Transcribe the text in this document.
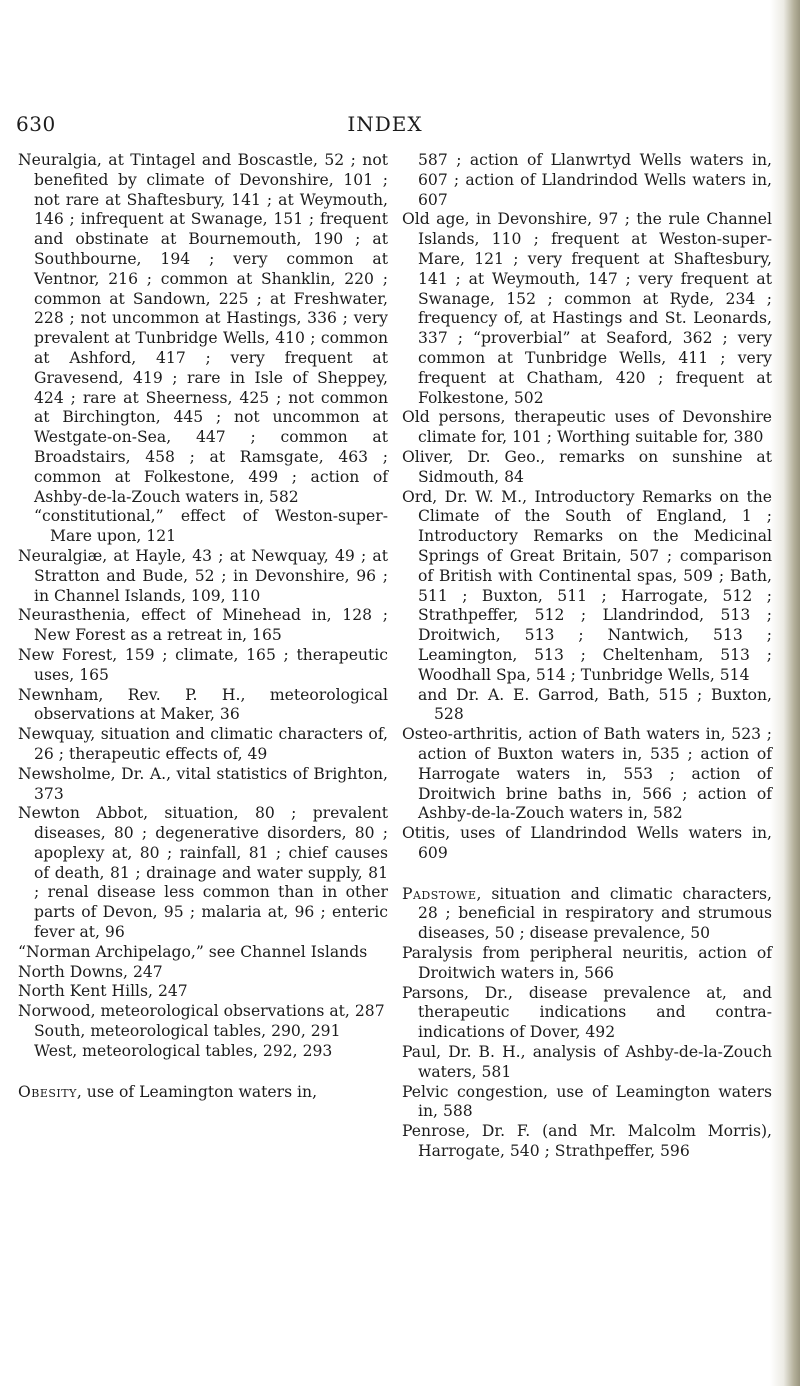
630	INDEX

Neuralgia, at Tintagel and Boscastle, 52 ; not benefited by climate of Devonshire, 101 ; not rare at Shaftesbury, 141 ; at Weymouth, 146 ; infrequent at Swanage, 151 ; frequent and obstinate at Bournemouth, 190 ; at Southbourne, 194 ; very common at Ventnor, 216 ; common at Shanklin, 220 ; common at Sandown, 225 ; at Freshwater, 228 ; not uncommon at Hastings, 336 ; very prevalent at Tunbridge Wells, 410 ; common at Ashford, 417 ; very frequent at Gravesend, 419 ; rare in Isle of Sheppey, 424 ; rare at Sheerness, 425 ; not common at Birchington, 445 ; not uncommon at Westgate-on-Sea, 447 ; common at Broadstairs, 458 ; at Ramsgate, 463 ; common at Folkestone, 499 ; action of Ashby-de-la-Zouch waters in, 582

“constitutional,” effect of Weston-super-Mare upon, 121

Neuralgiæ, at Hayle, 43 ; at Newquay, 49 ; at Stratton and Bude, 52 ; in Devonshire, 96 ; in Channel Islands, 109, 110

Neurasthenia, effect of Minehead in, 128 ; New Forest as a retreat in, 165

New Forest, 159 ; climate, 165 ; therapeutic uses, 165

Newnham, Rev. P. H., meteorological observations at Maker, 36

Newquay, situation and climatic characters of, 26 ; therapeutic effects of, 49

Newsholme, Dr. A., vital statistics of Brighton, 373

Newton Abbot, situation, 80 ; prevalent diseases, 80 ; degenerative disorders, 80 ; apoplexy at, 80 ; rainfall, 81 ; chief causes of death, 81 ; drainage and water supply, 81 ; renal disease less common than in other parts of Devon, 95 ; malaria at, 96 ; enteric fever at, 96

“Norman Archipelago,” see Channel Islands

North Downs, 247

North Kent Hills, 247

Norwood, meteorological observations at, 287

South, meteorological tables, 290, 291

West, meteorological tables, 292, 293

Obesity, use of Leamington waters in,

587 ; action of Llanwrtyd Wells waters in, 607 ; action of Llandrindod Wells waters in, 607

Old age, in Devonshire, 97 ; the rule Channel Islands, 110 ; frequent at Weston-super-Mare, 121 ; very frequent at Shaftesbury, 141 ; at Weymouth, 147 ; very frequent at Swanage, 152 ; common at Ryde, 234 ; frequency of, at Hastings and St. Leonards, 337 ; “proverbial” at Seaford, 362 ; very common at Tunbridge Wells, 411 ; very frequent at Chatham, 420 ; frequent at Folkestone, 502

Old persons, therapeutic uses of Devonshire climate for, 101 ; Worthing suitable for, 380

Oliver, Dr. Geo., remarks on sunshine at Sidmouth, 84

Ord, Dr. W. M., Introductory Remarks on the Climate of the South of England, 1 ; Introductory Remarks on the Medicinal Springs of Great Britain, 507 ; comparison of British with Continental spas, 509 ; Bath, 511 ; Buxton, 511 ; Harrogate, 512 ; Strathpeffer, 512 ; Llandrindod, 513 ; Droitwich, 513 ; Nantwich, 513 ; Leamington, 513 ; Cheltenham, 513 ; Woodhall Spa, 514 ; Tunbridge Wells, 514

and Dr. A. E. Garrod, Bath, 515 ; Buxton, 528

Osteo-arthritis, action of Bath waters in, 523 ; action of Buxton waters in, 535 ; action of Harrogate waters in, 553 ; action of Droitwich brine baths in, 566 ; action of Ashby-de-la-Zouch waters in, 582

Otitis, uses of Llandrindod Wells waters in, 609

Padstowe, situation and climatic characters, 28 ; beneficial in respiratory and strumous diseases, 50 ; disease prevalence, 50

Paralysis from peripheral neuritis, action of Droitwich waters in, 566

Parsons, Dr., disease prevalence at, and therapeutic indications and contra-indications of Dover, 492

Paul, Dr. B. H., analysis of Ashby-de-la-Zouch waters, 581

Pelvic congestion, use of Leamington waters in, 588

Penrose, Dr. F. (and Mr. Malcolm Morris), Harrogate, 540 ; Strathpeffer, 596
